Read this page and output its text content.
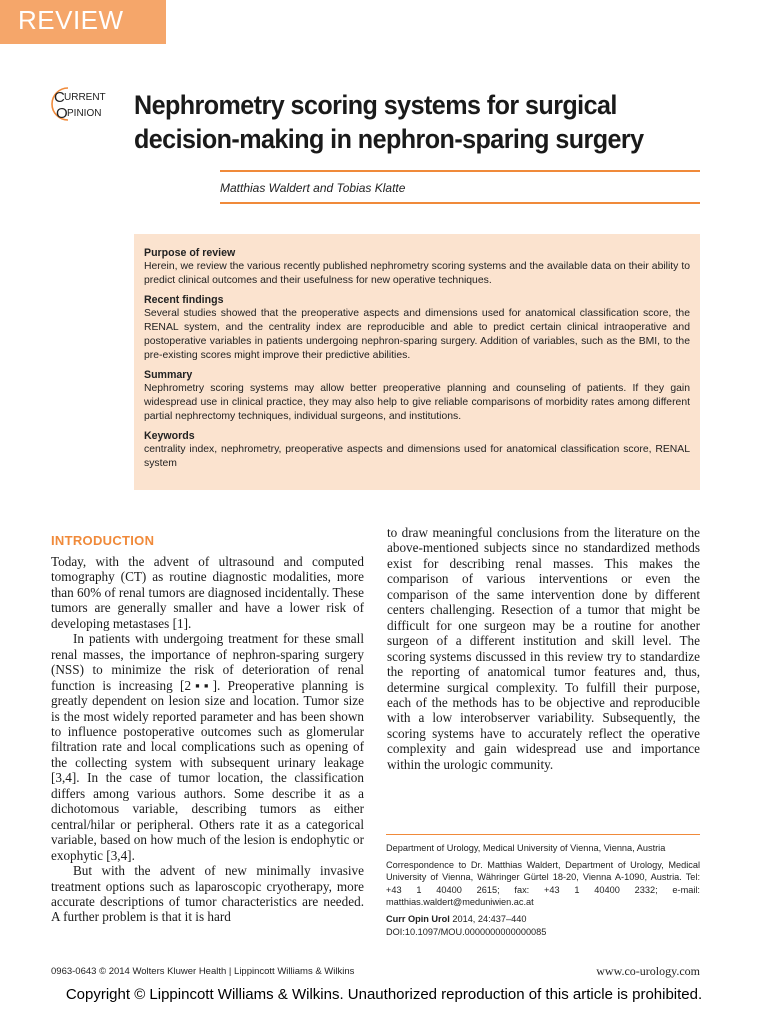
REVIEW
C URRENT
O PINION Nephrometry scoring systems for surgical decision-making in nephron-sparing surgery
Matthias Waldert and Tobias Klatte
Purpose of review

Herein, we review the various recently published nephrometry scoring systems and the available data on their ability to predict clinical outcomes and their usefulness for new operative techniques.

Recent findings

Several studies showed that the preoperative aspects and dimensions used for anatomical classification score, the RENAL system, and the centrality index are reproducible and able to predict certain clinical intraoperative and postoperative variables in patients undergoing nephron-sparing surgery. Addition of variables, such as the BMI, to the pre-existing scores might improve their predictive abilities.

Summary

Nephrometry scoring systems may allow better preoperative planning and counseling of patients. If they gain widespread use in clinical practice, they may also help to give reliable comparisons of morbidity rates among different partial nephrectomy techniques, individual surgeons, and institutions.

Keywords

centrality index, nephrometry, preoperative aspects and dimensions used for anatomical classification score, RENAL system

INTRODUCTION

Today, with the advent of ultrasound and computed tomography (CT) as routine diagnostic modalities, more than 60% of renal tumors are diagnosed incidentally. These tumors are generally smaller and have a lower risk of developing metastases [1].

In patients with undergoing treatment for these small renal masses, the importance of nephron-sparing surgery (NSS) to minimize the risk of deterioration of renal function is increasing [2▪▪]. Preoperative planning is greatly dependent on lesion size and location. Tumor size is the most widely reported parameter and has been shown to influence postoperative outcomes such as glomerular filtration rate and local complications such as opening of the collecting system with subsequent urinary leakage [3,4]. In the case of tumor location, the classification differs among various authors. Some describe it as a dichotomous variable, describing tumors as either central/hilar or peripheral. Others rate it as a categorical variable, based on how much of the lesion is endophytic or exophytic [3,4].

But with the advent of new minimally invasive treatment options such as laparoscopic cryotherapy, more accurate descriptions of tumor characteristics are needed. A further problem is that it is hard

to draw meaningful conclusions from the literature on the above-mentioned subjects since no standardized methods exist for describing renal masses. This makes the comparison of various interventions or even the comparison of the same intervention done by different centers challenging. Resection of a tumor that might be difficult for one surgeon may be a routine for another surgeon of a different institution and skill level. The scoring systems discussed in this review try to standardize the reporting of anatomical tumor features and, thus, determine surgical complexity. To fulfill their purpose, each of the methods has to be objective and reproducible with a low interobserver variability. Subsequently, the scoring systems have to accurately reflect the operative complexity and gain widespread use and importance within the urologic community.

Department of Urology, Medical University of Vienna, Vienna, Austria

Correspondence to Dr. Matthias Waldert, Department of Urology, Medical University of Vienna, Währinger Gürtel 18-20, Vienna A-1090, Austria. Tel: +43 1 40400 2615; fax: +43 1 40400 2332; e-mail: matthias.waldert@meduniwien.ac.at

Curr Opin Urol 2014, 24:437–440

DOI:10.1097/MOU.0000000000000085

0963-0643 © 2014 Wolters Kluwer Health | Lippincott Williams & Wilkins	www.co-urology.com
Copyright © Lippincott Williams & Wilkins. Unauthorized reproduction of this article is prohibited.
